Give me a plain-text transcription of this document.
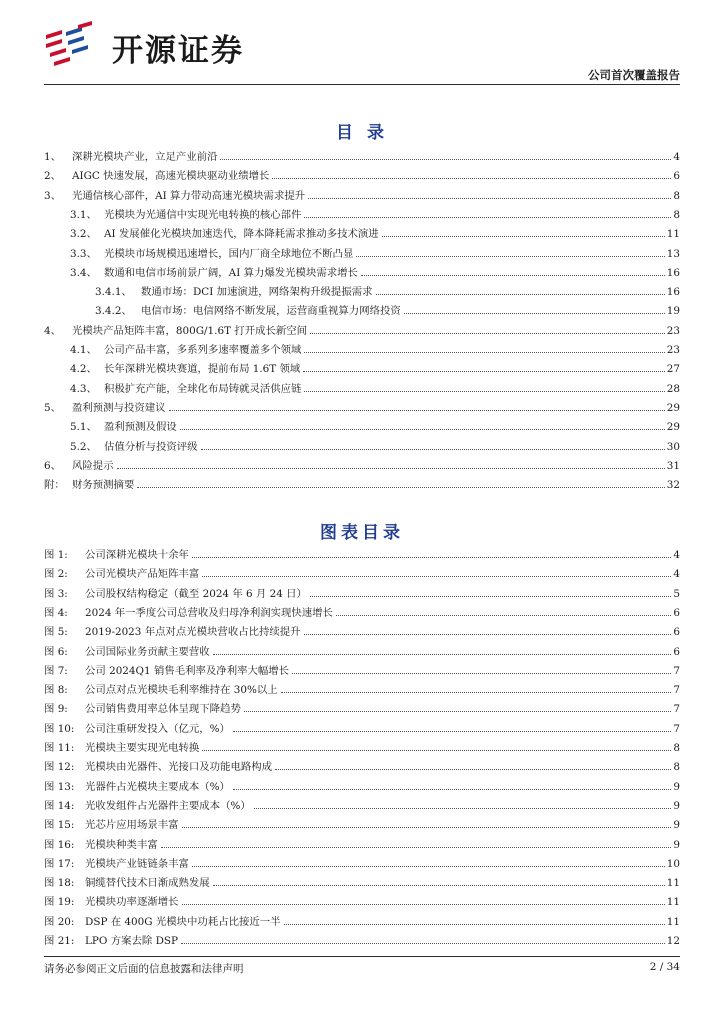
开源证券
公司首次覆盖报告
目 录
1、	深耕光模块产业，立足产业前沿	4
2、	AIGC 快速发展，高速光模块驱动业绩增长	6
3、	光通信核心部件，AI 算力带动高速光模块需求提升	8
3.1、 光模块为光通信中实现光电转换的核心部件	8
3.2、 AI 发展催化光模块加速迭代，降本降耗需求推动多技术演进	11
3.3、 光模块市场规模迅速增长，国内厂商全球地位不断凸显	13
3.4、 数通和电信市场前景广阔，AI 算力爆发光模块需求增长	16
3.4.1、 数通市场：DCI 加速演进，网络架构升级提振需求	16
3.4.2、 电信市场：电信网络不断发展，运营商重视算力网络投资	19
4、	光模块产品矩阵丰富，800G/1.6T 打开成长新空间	23
4.1、 公司产品丰富，多系列多速率覆盖多个领域	23
4.2、 长年深耕光模块赛道，提前布局 1.6T 领域	27
4.3、 积极扩充产能，全球化布局铸就灵活供应链	28
5、	盈利预测与投资建议	29
5.1、 盈利预测及假设	29
5.2、 估值分析与投资评级	30
6、	风险提示	31
附： 财务预测摘要	32
图表目录
图 1:	公司深耕光模块十余年	4
图 2:	公司光模块产品矩阵丰富	4
图 3:	公司股权结构稳定（截至 2024 年 6 月 24 日）	5
图 4:	2024 年一季度公司总营收及归母净利润实现快速增长	6
图 5:	2019-2023 年点对点光模块营收占比持续提升	6
图 6:	公司国际业务贡献主要营收	6
图 7:	公司 2024Q1 销售毛利率及净利率大幅增长	7
图 8:	公司点对点光模块毛利率维持在 30%以上	7
图 9:	公司销售费用率总体呈现下降趋势	7
图 10:	公司注重研发投入（亿元，%）	7
图 11:	光模块主要实现光电转换	8
图 12:	光模块由光器件、光接口及功能电路构成	8
图 13:	光器件占光模块主要成本（%）	9
图 14:	光收发组件占光器件主要成本（%）	9
图 15:	光芯片应用场景丰富	9
图 16:	光模块种类丰富	9
图 17:	光模块产业链链条丰富	10
图 18:	铜缆替代技术日渐成熟发展	11
图 19:	光模块功率逐渐增长	11
图 20:	DSP 在 400G 光模块中功耗占比接近一半	11
图 21:	LPO 方案去除 DSP	12
请务必参阅正文后面的信息披露和法律声明	2 / 34
